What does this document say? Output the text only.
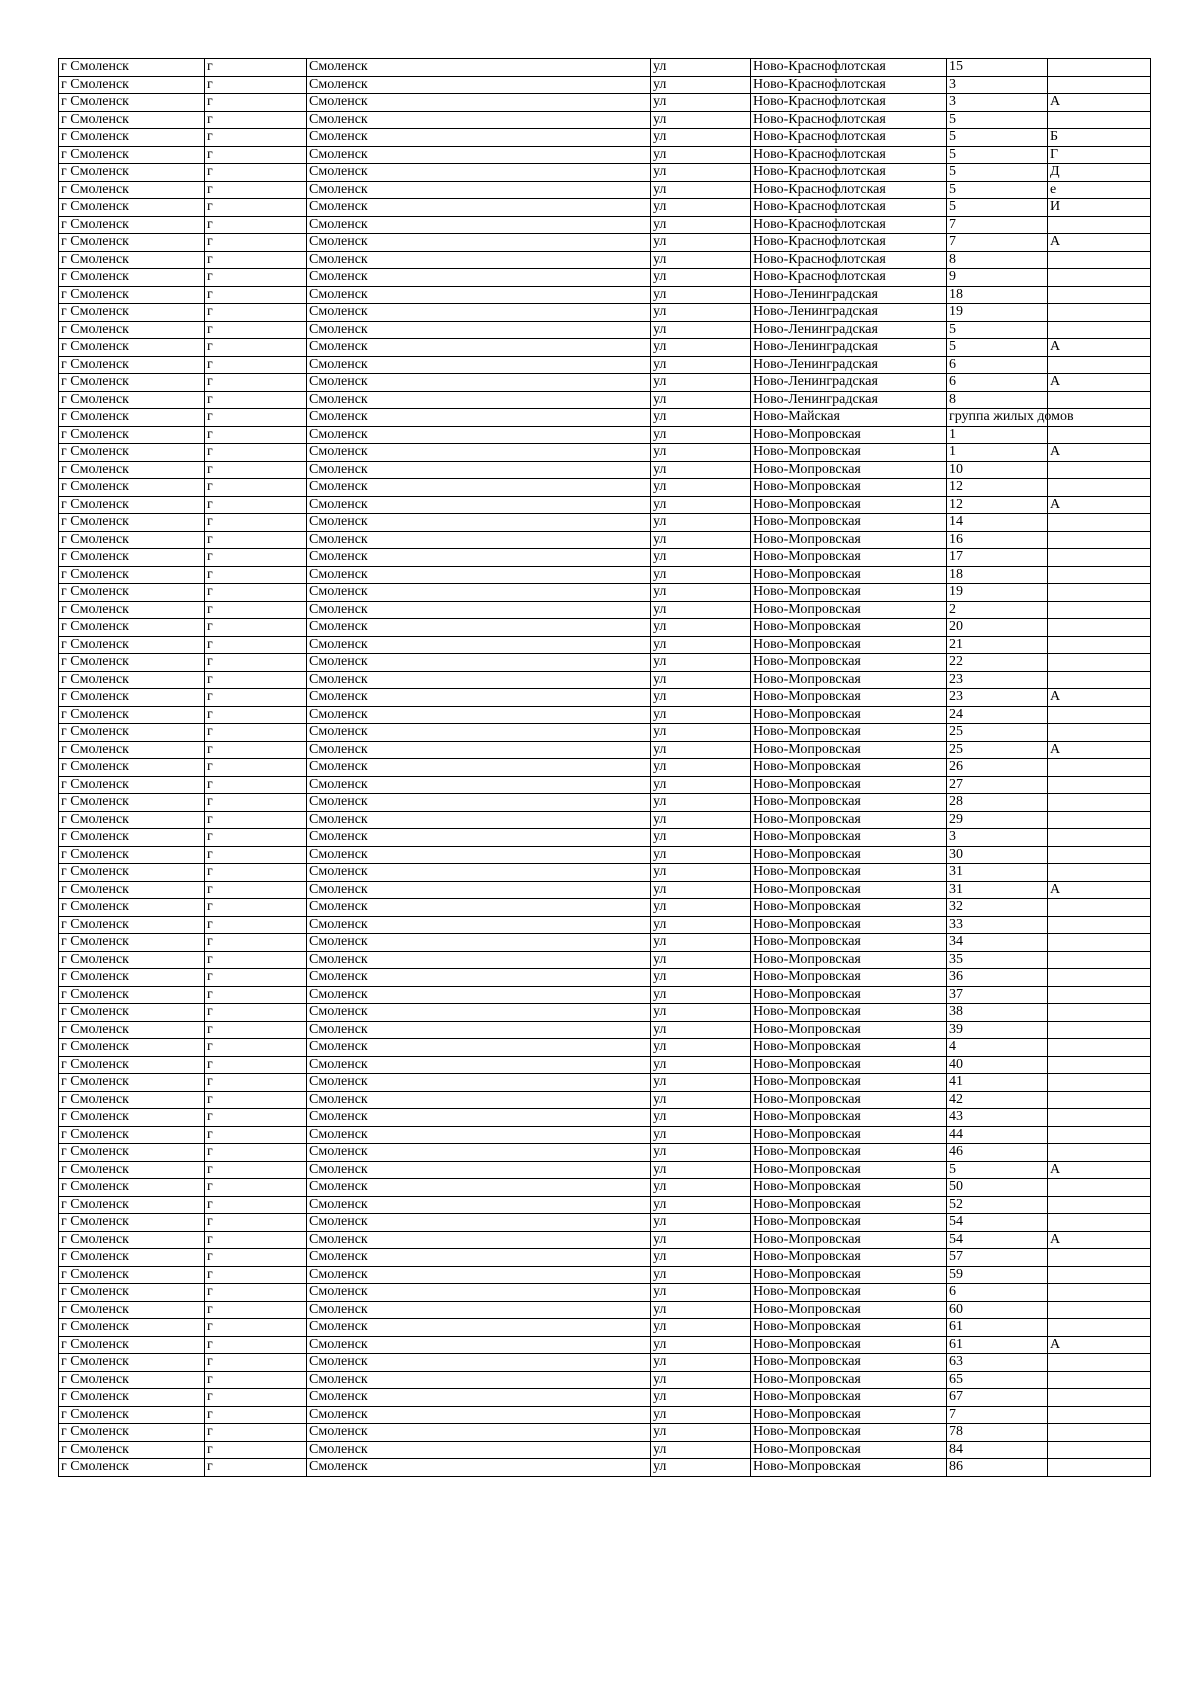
г Смоленск	г	Смоленск	ул	Ново-Краснофлотская	15	
г Смоленск	г	Смоленск	ул	Ново-Краснофлотская	3	
г Смоленск	г	Смоленск	ул	Ново-Краснофлотская	3	А
г Смоленск	г	Смоленск	ул	Ново-Краснофлотская	5	
г Смоленск	г	Смоленск	ул	Ново-Краснофлотская	5	Б
г Смоленск	г	Смоленск	ул	Ново-Краснофлотская	5	Г
г Смоленск	г	Смоленск	ул	Ново-Краснофлотская	5	Д
г Смоленск	г	Смоленск	ул	Ново-Краснофлотская	5	е
г Смоленск	г	Смоленск	ул	Ново-Краснофлотская	5	И
г Смоленск	г	Смоленск	ул	Ново-Краснофлотская	7	
г Смоленск	г	Смоленск	ул	Ново-Краснофлотская	7	А
г Смоленск	г	Смоленск	ул	Ново-Краснофлотская	8	
г Смоленск	г	Смоленск	ул	Ново-Краснофлотская	9	
г Смоленск	г	Смоленск	ул	Ново-Ленинградская	18	
г Смоленск	г	Смоленск	ул	Ново-Ленинградская	19	
г Смоленск	г	Смоленск	ул	Ново-Ленинградская	5	
г Смоленск	г	Смоленск	ул	Ново-Ленинградская	5	А
г Смоленск	г	Смоленск	ул	Ново-Ленинградская	6	
г Смоленск	г	Смоленск	ул	Ново-Ленинградская	6	А
г Смоленск	г	Смоленск	ул	Ново-Ленинградская	8	
г Смоленск	г	Смоленск	ул	Ново-Майская	группа жилых домов	
г Смоленск	г	Смоленск	ул	Ново-Мопровская	1	
г Смоленск	г	Смоленск	ул	Ново-Мопровская	1	А
г Смоленск	г	Смоленск	ул	Ново-Мопровская	10	
г Смоленск	г	Смоленск	ул	Ново-Мопровская	12	
г Смоленск	г	Смоленск	ул	Ново-Мопровская	12	А
г Смоленск	г	Смоленск	ул	Ново-Мопровская	14	
г Смоленск	г	Смоленск	ул	Ново-Мопровская	16	
г Смоленск	г	Смоленск	ул	Ново-Мопровская	17	
г Смоленск	г	Смоленск	ул	Ново-Мопровская	18	
г Смоленск	г	Смоленск	ул	Ново-Мопровская	19	
г Смоленск	г	Смоленск	ул	Ново-Мопровская	2	
г Смоленск	г	Смоленск	ул	Ново-Мопровская	20	
г Смоленск	г	Смоленск	ул	Ново-Мопровская	21	
г Смоленск	г	Смоленск	ул	Ново-Мопровская	22	
г Смоленск	г	Смоленск	ул	Ново-Мопровская	23	
г Смоленск	г	Смоленск	ул	Ново-Мопровская	23	А
г Смоленск	г	Смоленск	ул	Ново-Мопровская	24	
г Смоленск	г	Смоленск	ул	Ново-Мопровская	25	
г Смоленск	г	Смоленск	ул	Ново-Мопровская	25	А
г Смоленск	г	Смоленск	ул	Ново-Мопровская	26	
г Смоленск	г	Смоленск	ул	Ново-Мопровская	27	
г Смоленск	г	Смоленск	ул	Ново-Мопровская	28	
г Смоленск	г	Смоленск	ул	Ново-Мопровская	29	
г Смоленск	г	Смоленск	ул	Ново-Мопровская	3	
г Смоленск	г	Смоленск	ул	Ново-Мопровская	30	
г Смоленск	г	Смоленск	ул	Ново-Мопровская	31	
г Смоленск	г	Смоленск	ул	Ново-Мопровская	31	А
г Смоленск	г	Смоленск	ул	Ново-Мопровская	32	
г Смоленск	г	Смоленск	ул	Ново-Мопровская	33	
г Смоленск	г	Смоленск	ул	Ново-Мопровская	34	
г Смоленск	г	Смоленск	ул	Ново-Мопровская	35	
г Смоленск	г	Смоленск	ул	Ново-Мопровская	36	
г Смоленск	г	Смоленск	ул	Ново-Мопровская	37	
г Смоленск	г	Смоленск	ул	Ново-Мопровская	38	
г Смоленск	г	Смоленск	ул	Ново-Мопровская	39	
г Смоленск	г	Смоленск	ул	Ново-Мопровская	4	
г Смоленск	г	Смоленск	ул	Ново-Мопровская	40	
г Смоленск	г	Смоленск	ул	Ново-Мопровская	41	
г Смоленск	г	Смоленск	ул	Ново-Мопровская	42	
г Смоленск	г	Смоленск	ул	Ново-Мопровская	43	
г Смоленск	г	Смоленск	ул	Ново-Мопровская	44	
г Смоленск	г	Смоленск	ул	Ново-Мопровская	46	
г Смоленск	г	Смоленск	ул	Ново-Мопровская	5	А
г Смоленск	г	Смоленск	ул	Ново-Мопровская	50	
г Смоленск	г	Смоленск	ул	Ново-Мопровская	52	
г Смоленск	г	Смоленск	ул	Ново-Мопровская	54	
г Смоленск	г	Смоленск	ул	Ново-Мопровская	54	А
г Смоленск	г	Смоленск	ул	Ново-Мопровская	57	
г Смоленск	г	Смоленск	ул	Ново-Мопровская	59	
г Смоленск	г	Смоленск	ул	Ново-Мопровская	6	
г Смоленск	г	Смоленск	ул	Ново-Мопровская	60	
г Смоленск	г	Смоленск	ул	Ново-Мопровская	61	
г Смоленск	г	Смоленск	ул	Ново-Мопровская	61	А
г Смоленск	г	Смоленск	ул	Ново-Мопровская	63	
г Смоленск	г	Смоленск	ул	Ново-Мопровская	65	
г Смоленск	г	Смоленск	ул	Ново-Мопровская	67	
г Смоленск	г	Смоленск	ул	Ново-Мопровская	7	
г Смоленск	г	Смоленск	ул	Ново-Мопровская	78	
г Смоленск	г	Смоленск	ул	Ново-Мопровская	84	
г Смоленск	г	Смоленск	ул	Ново-Мопровская	86	
